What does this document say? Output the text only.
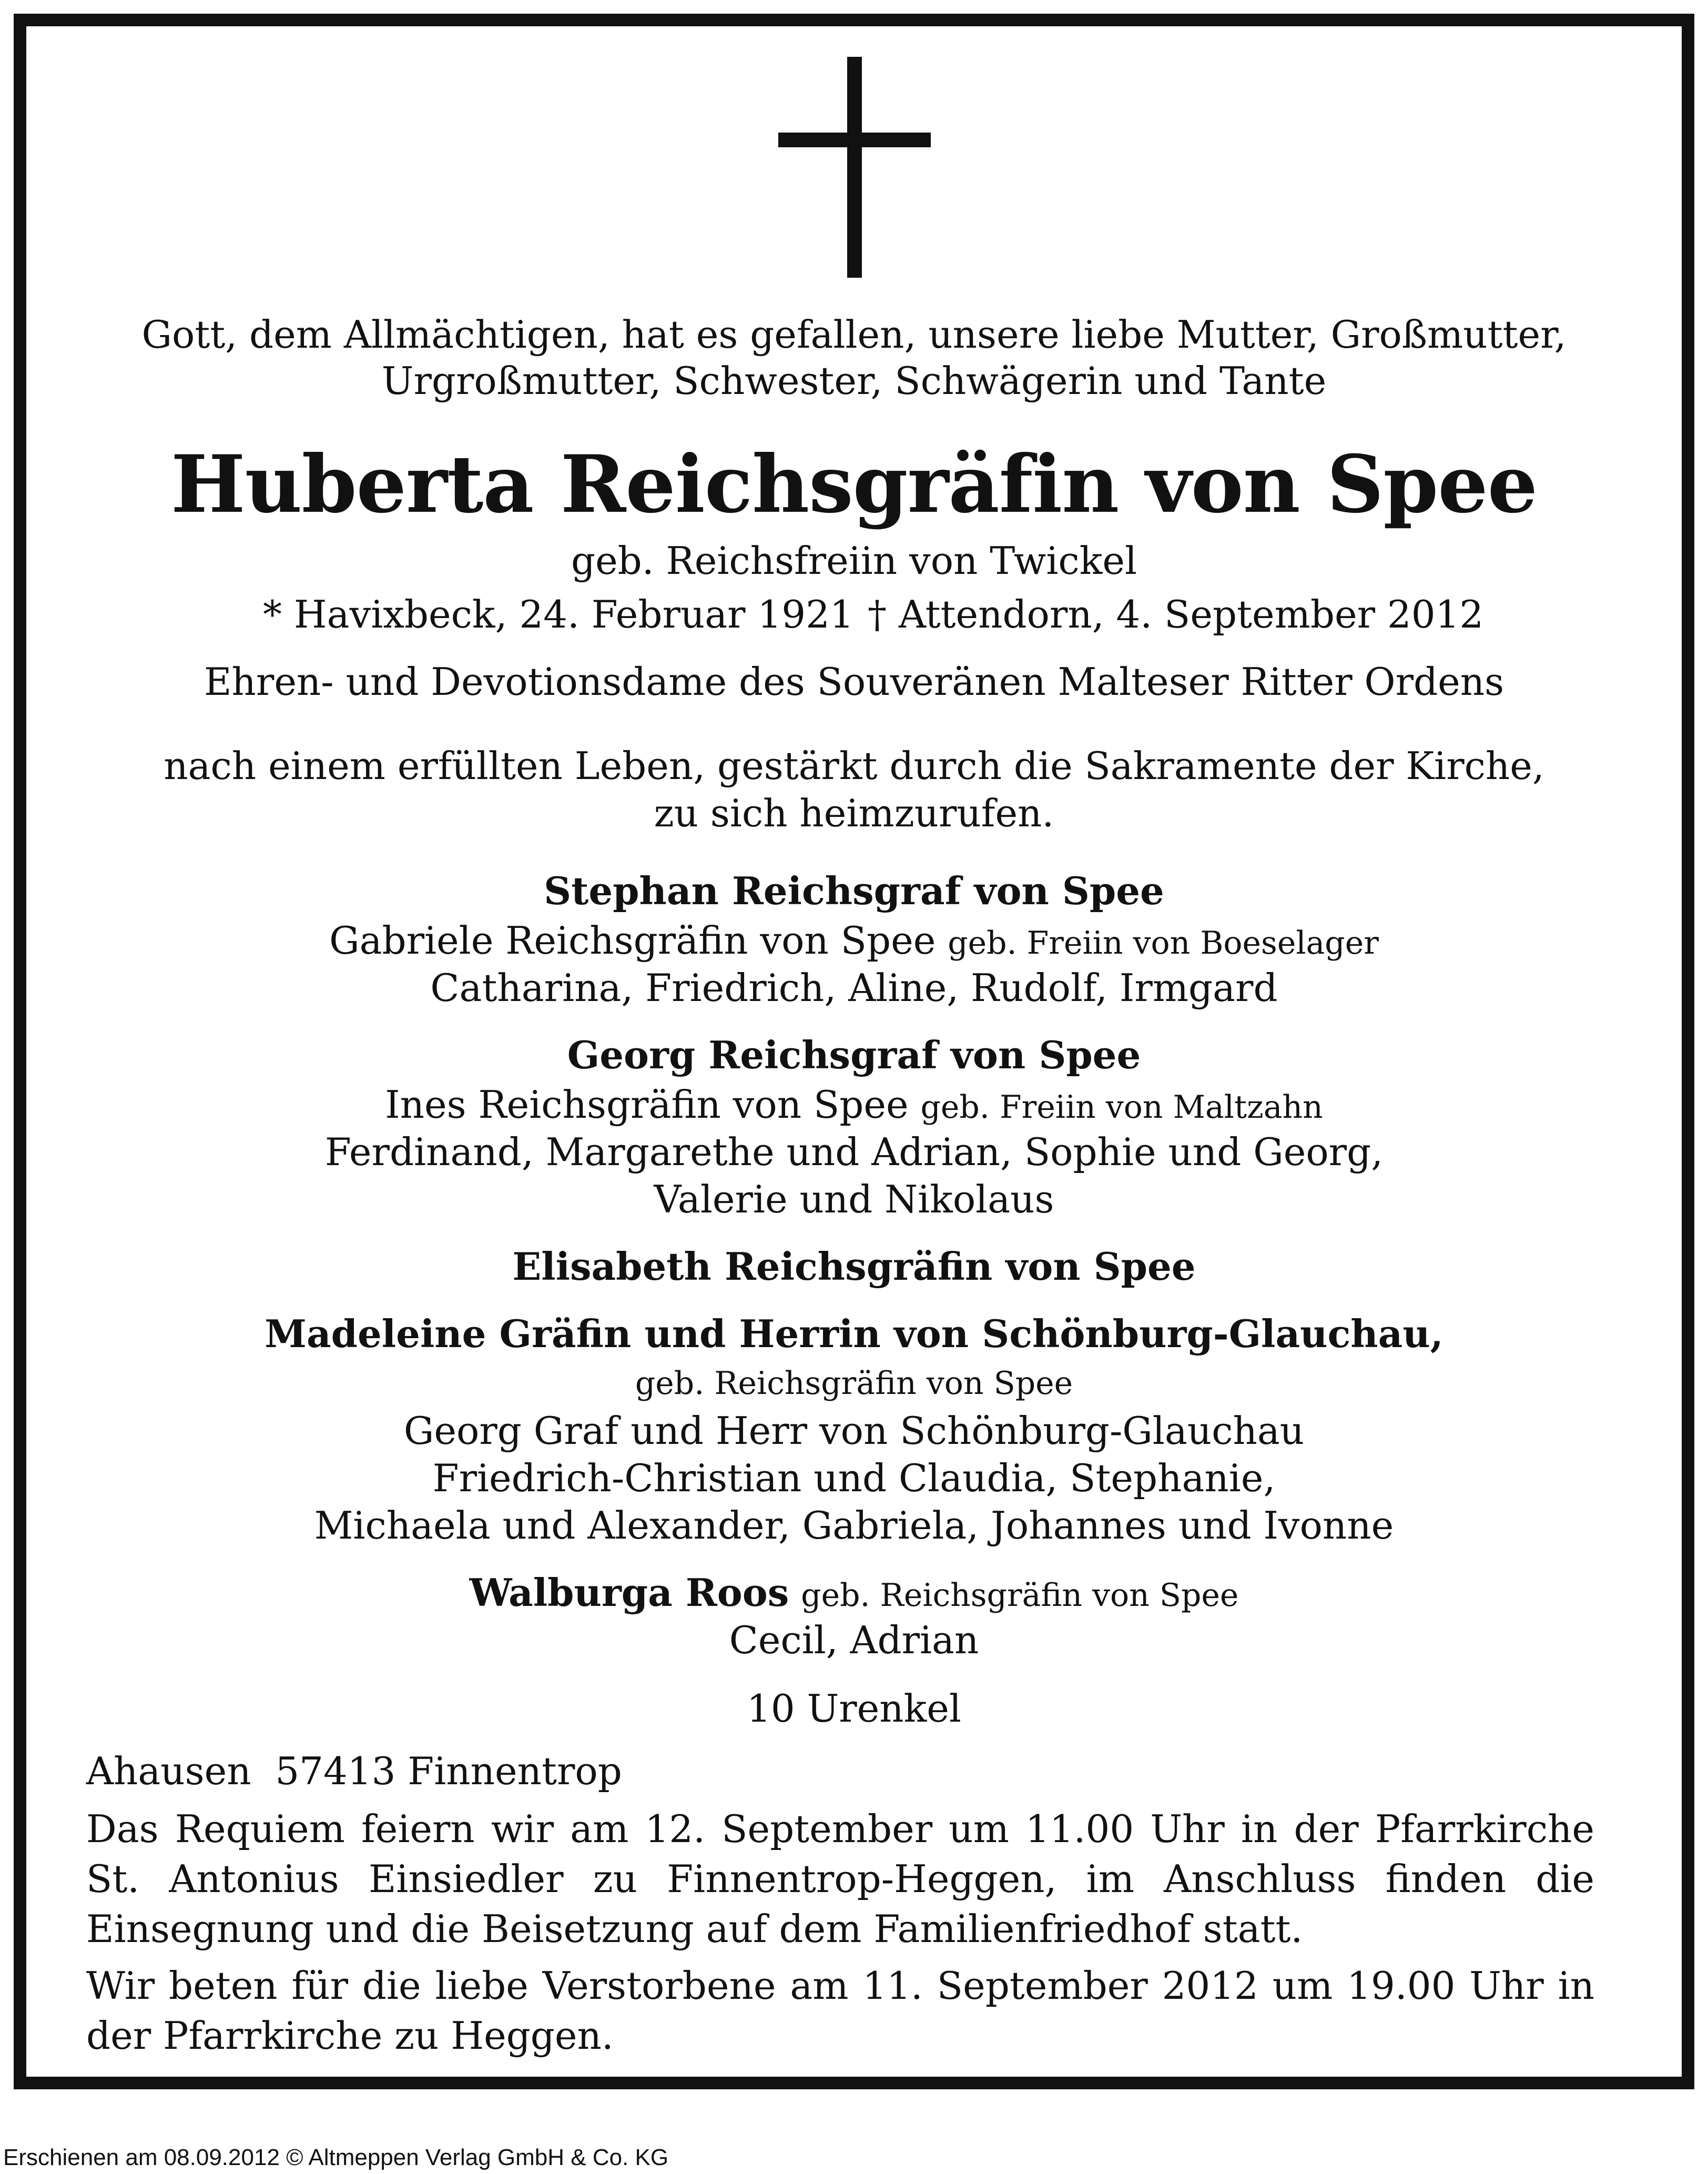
Gott, dem Allmächtigen, hat es gefallen, unsere liebe Mutter, Großmutter,
Urgroßmutter, Schwester, Schwägerin und Tante
Huberta Reichsgräfin von Spee
geb. Reichsfreiin von Twickel
* Havixbeck, 24. Februar 1921 † Attendorn, 4. September 2012
Ehren- und Devotionsdame des Souveränen Malteser Ritter Ordens
nach einem erfüllten Leben, gestärkt durch die Sakramente der Kirche,
zu sich heimzurufen.
Stephan Reichsgraf von Spee
Gabriele Reichsgräfin von Spee geb. Freiin von Boeselager
Catharina, Friedrich, Aline, Rudolf, Irmgard
Georg Reichsgraf von Spee
Ines Reichsgräfin von Spee geb. Freiin von Maltzahn
Ferdinand, Margarethe und Adrian, Sophie und Georg,
Valerie und Nikolaus
Elisabeth Reichsgräfin von Spee
Madeleine Gräfin und Herrin von Schönburg-Glauchau,
geb. Reichsgräfin von Spee
Georg Graf und Herr von Schönburg-Glauchau
Friedrich-Christian und Claudia, Stephanie,
Michaela und Alexander, Gabriela, Johannes und Ivonne
Walburga Roos geb. Reichsgräfin von Spee
Cecil, Adrian
10 Urenkel
Ahausen  57413 Finnentrop
Das Requiem feiern wir am 12. September um 11.00 Uhr in der Pfarrkirche St. Antonius Einsiedler zu Finnentrop-Heggen, im Anschluss finden die Einsegnung und die Beisetzung auf dem Familienfriedhof statt.
Wir beten für die liebe Verstorbene am 11. September 2012 um 19.00 Uhr in der Pfarrkirche zu Heggen.
Erschienen am 08.09.2012 © Altmeppen Verlag GmbH & Co. KG
